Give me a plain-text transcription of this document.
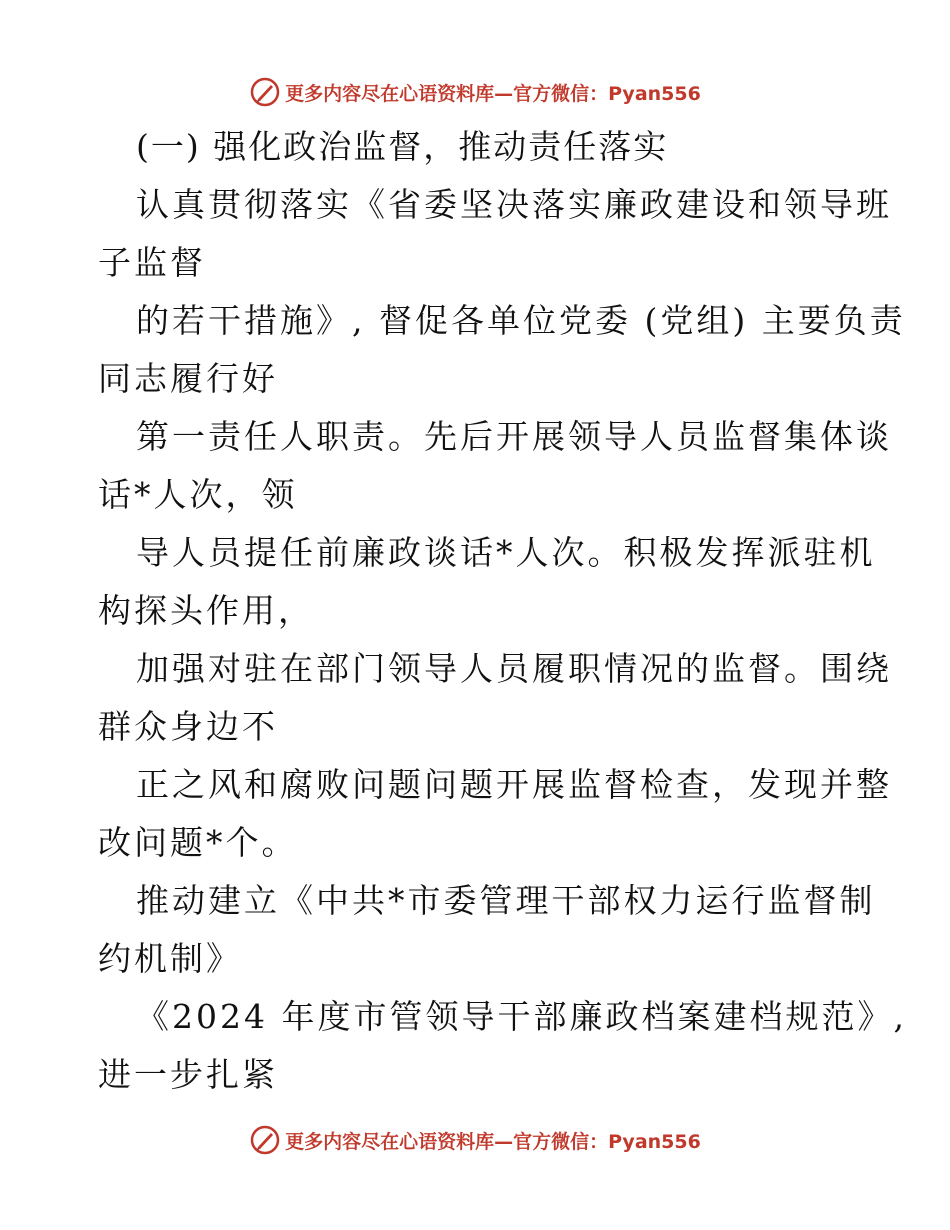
更多内容尽在心语资料库—官方微信：Pyan556
(一) 强化政治监督，推动责任落实
认真贯彻落实《省委坚决落实廉政建设和领导班
子监督
的若干措施》, 督促各单位党委 (党组) 主要负责
同志履行好
第一责任人职责。先后开展领导人员监督集体谈
话*人次，领
导人员提任前廉政谈话*人次。积极发挥派驻机
构探头作用，
加强对驻在部门领导人员履职情况的监督。围绕
群众身边不
正之风和腐败问题问题开展监督检查，发现并整
改问题*个。
推动建立《中共*市委管理干部权力运行监督制
约机制》
《2024 年度市管领导干部廉政档案建档规范》,
进一步扎紧
更多内容尽在心语资料库—官方微信：Pyan556
